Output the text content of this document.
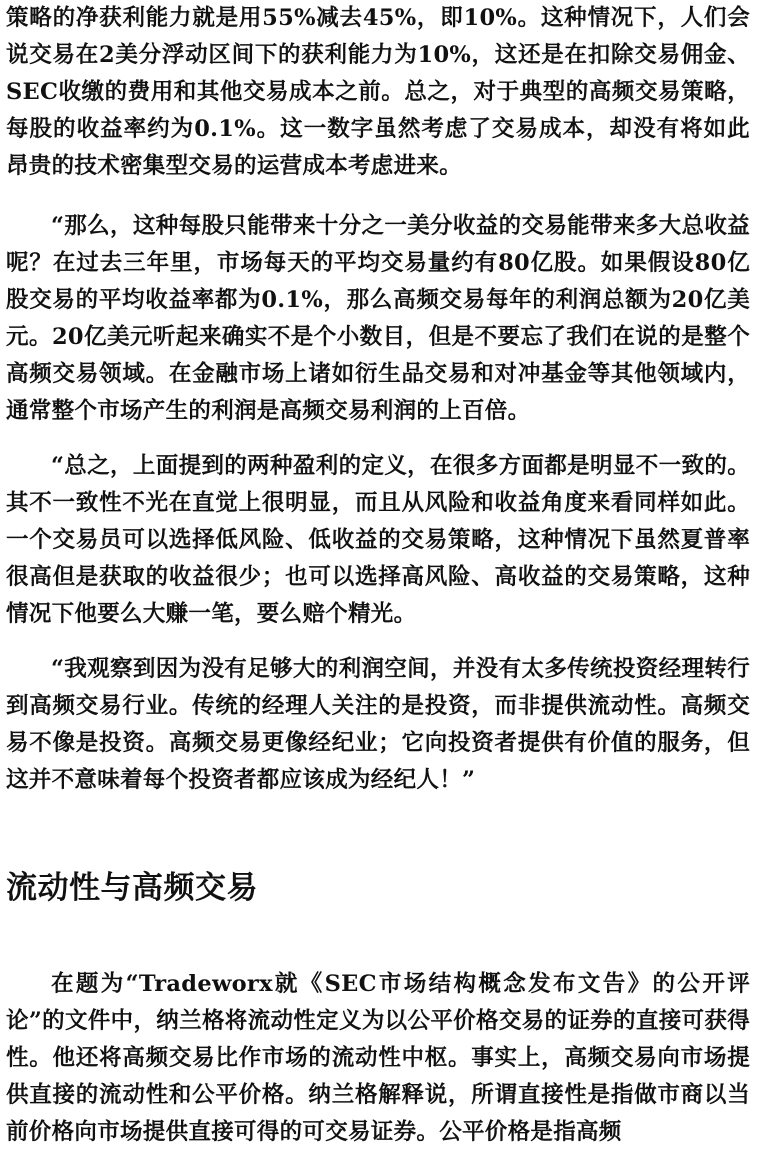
策略的净获利能力就是用55%减去45%，即10%。这种情况下，人们会说交易在2美分浮动区间下的获利能力为10%，这还是在扣除交易佣金、SEC收缴的费用和其他交易成本之前。总之，对于典型的高频交易策略，每股的收益率约为0.1%。这一数字虽然考虑了交易成本，却没有将如此昂贵的技术密集型交易的运营成本考虑进来。

“那么，这种每股只能带来十分之一美分收益的交易能带来多大总收益呢？在过去三年里，市场每天的平均交易量约有80亿股。如果假设80亿股交易的平均收益率都为0.1%，那么高频交易每年的利润总额为20亿美元。20亿美元听起来确实不是个小数目，但是不要忘了我们在说的是整个高频交易领域。在金融市场上诸如衍生品交易和对冲基金等其他领域内，通常整个市场产生的利润是高频交易利润的上百倍。

“总之，上面提到的两种盈利的定义，在很多方面都是明显不一致的。其不一致性不光在直觉上很明显，而且从风险和收益角度来看同样如此。一个交易员可以选择低风险、低收益的交易策略，这种情况下虽然夏普率很高但是获取的收益很少；也可以选择高风险、高收益的交易策略，这种情况下他要么大赚一笔，要么赔个精光。

“我观察到因为没有足够大的利润空间，并没有太多传统投资经理转行到高频交易行业。传统的经理人关注的是投资，而非提供流动性。高频交易不像是投资。高频交易更像经纪业；它向投资者提供有价值的服务，但这并不意味着每个投资者都应该成为经纪人！”

流动性与高频交易

在题为“Tradeworx就《SEC市场结构概念发布文告》的公开评论”的文件中，纳兰格将流动性定义为以公平价格交易的证券的直接可获得性。他还将高频交易比作市场的流动性中枢。事实上，高频交易向市场提供直接的流动性和公平价格。纳兰格解释说，所谓直接性是指做市商以当前价格向市场提供直接可得的可交易证券。公平价格是指高频
